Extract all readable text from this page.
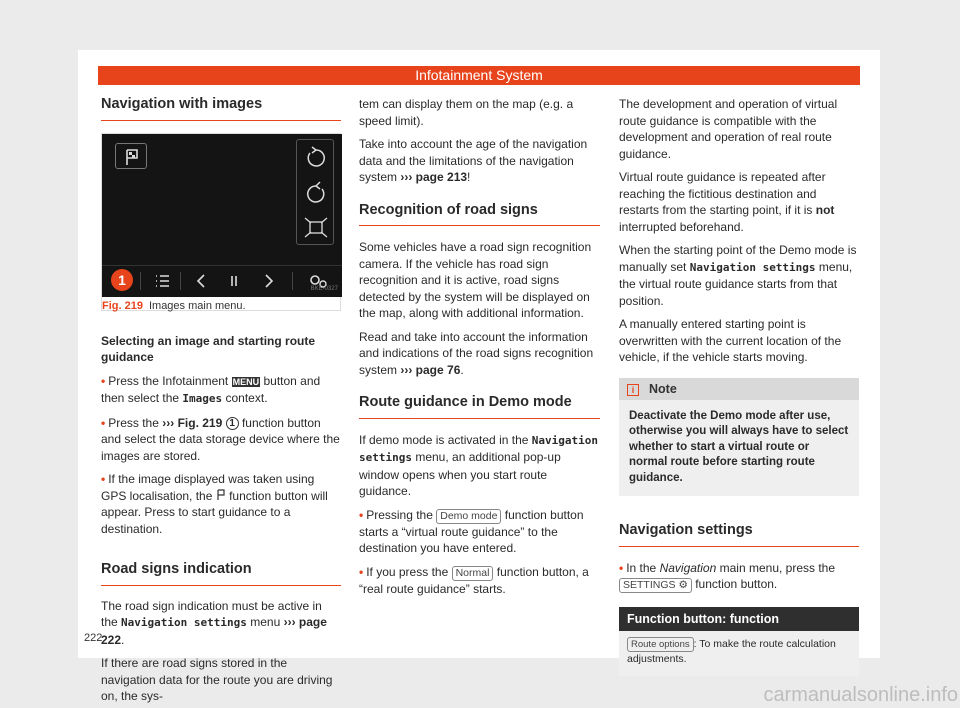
Infotainment System
Navigation with images
1
BKE-0327
Fig. 219 Images main menu.

Selecting an image and starting route guidance

• Press the Infotainment MENU button and then select the Images context.

• Press the ››› Fig. 219 1 function button and select the data storage device where the images are stored.

• If the image displayed was taken using GPS localisation, the function button will appear. Press to start guidance to a destination.

Road signs indication

The road sign indication must be active in the Navigation settings menu ››› page 222.

If there are road signs stored in the navigation data for the route you are driving on, the sys-

tem can display them on the map (e.g. a speed limit).

Take into account the age of the navigation data and the limitations of the navigation system ››› page 213!

Recognition of road signs

Some vehicles have a road sign recognition camera. If the vehicle has road sign recognition and it is active, road signs detected by the system will be displayed on the map, along with additional information.

Read and take into account the information and indications of the road signs recognition system ››› page 76.

Route guidance in Demo mode

If demo mode is activated in the Navigation settings menu, an additional pop-up window opens when you start route guidance.

• Pressing the Demo mode function button starts a “virtual route guidance” to the destination you have entered.

• If you press the Normal function button, a “real route guidance” starts.

The development and operation of virtual route guidance is compatible with the development and operation of real route guidance.

Virtual route guidance is repeated after reaching the fictitious destination and restarts from the starting point, if it is not interrupted beforehand.

When the starting point of the Demo mode is manually set Navigation settings menu, the virtual route guidance starts from that position.

A manually entered starting point is overwritten with the current location of the vehicle, if the vehicle starts moving.

i Note
Deactivate the Demo mode after use, otherwise you will always have to select whether to start a virtual route or normal route before starting route guidance.
Navigation settings

• In the Navigation main menu, press the SETTINGS ⚙ function button.

Function button: function
Route options : To make the route calculation adjustments.
222
carmanualsonline.info
